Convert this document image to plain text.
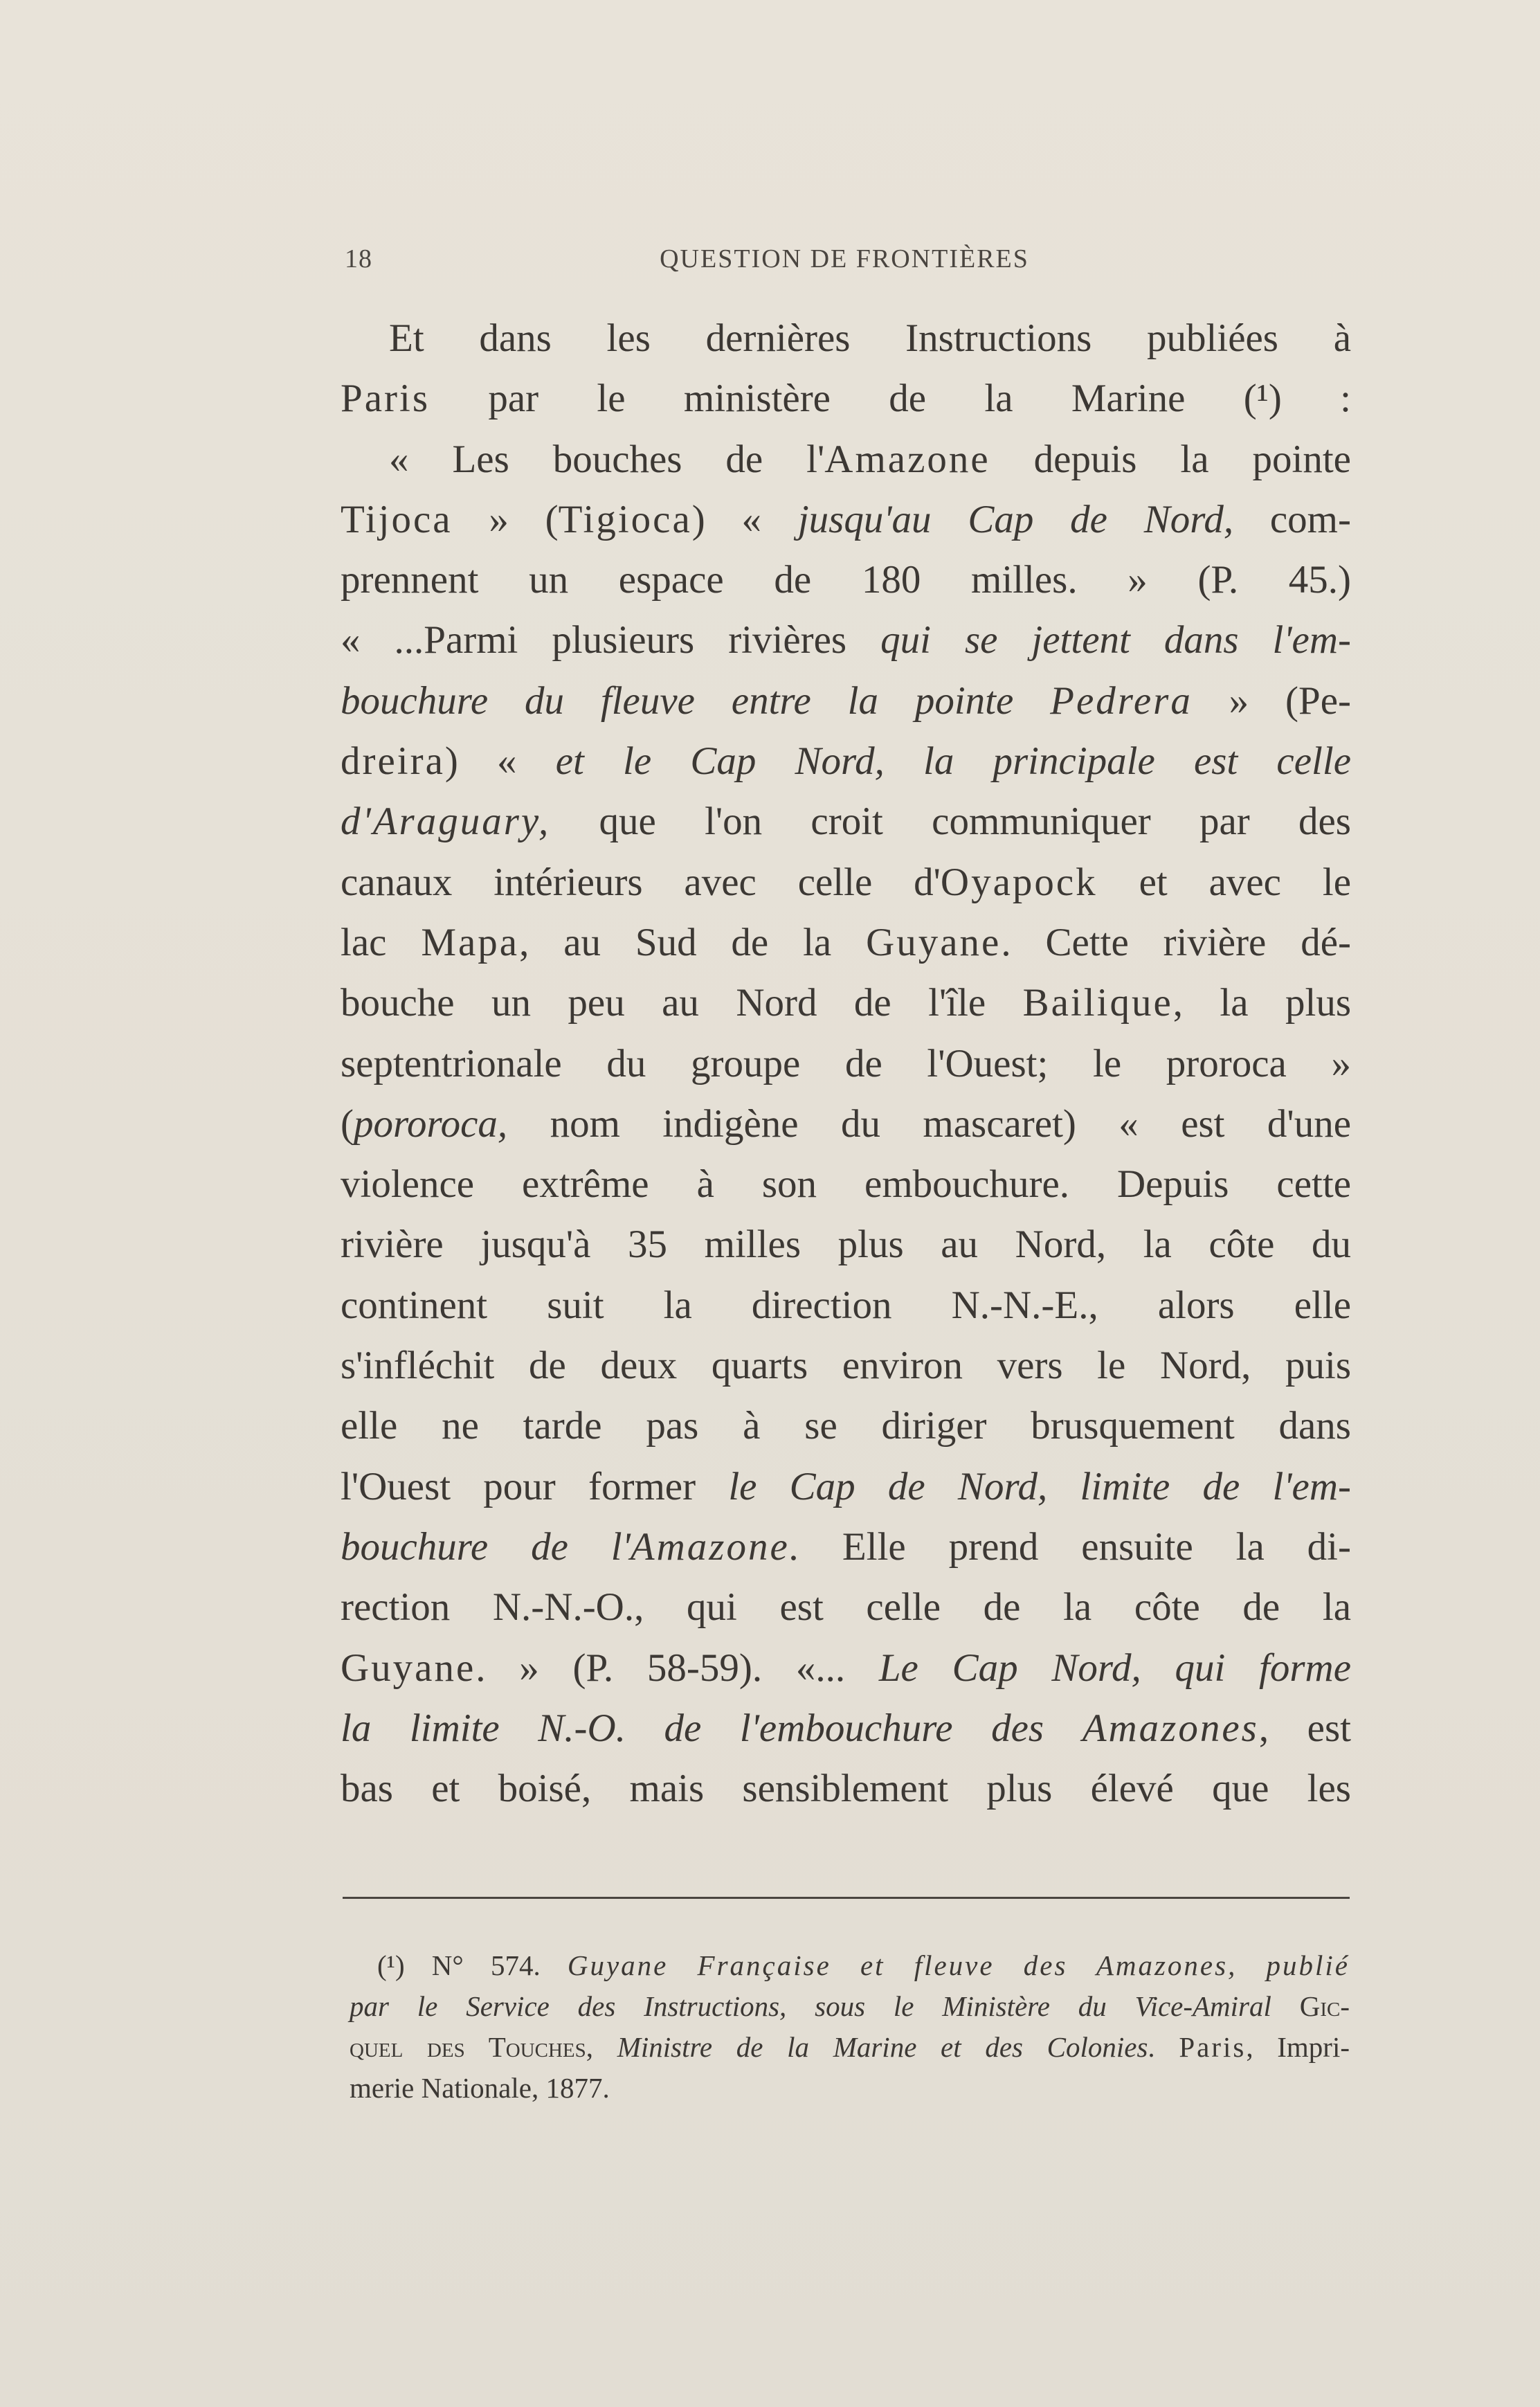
18	QUESTION DE FRONTIÈRES
Et dans les dernières Instructions publiées à
Paris par le ministère de la Marine (¹) :
« Les bouches de l'Amazone depuis la pointe
Tijoca » (Tigioca) « jusqu'au Cap de Nord, com-
prennent un espace de 180 milles. » (P. 45.)
« ...Parmi plusieurs rivières qui se jettent dans l'em-
bouchure du fleuve entre la pointe Pedrera » (Pe-
dreira) « et le Cap Nord, la principale est celle
d'Araguary, que l'on croit communiquer par des
canaux intérieurs avec celle d'Oyapock et avec le
lac Mapa, au Sud de la Guyane. Cette rivière dé-
bouche un peu au Nord de l'île Bailique, la plus
septentrionale du groupe de l'Ouest; le proroca »
(pororoca, nom indigène du mascaret) « est d'une
violence extrême à son embouchure. Depuis cette
rivière jusqu'à 35 milles plus au Nord, la côte du
continent suit la direction N.-N.-E., alors elle
s'infléchit de deux quarts environ vers le Nord, puis
elle ne tarde pas à se diriger brusquement dans
l'Ouest pour former le Cap de Nord, limite de l'em-
bouchure de l'Amazone. Elle prend ensuite la di-
rection N.-N.-O., qui est celle de la côte de la
Guyane. » (P. 58-59). «... Le Cap Nord, qui forme
la limite N.-O. de l'embouchure des Amazones, est
bas et boisé, mais sensiblement plus élevé que les
(¹) N° 574. Guyane Française et fleuve des Amazones, publié
par le Service des Instructions, sous le Ministère du Vice-Amiral Gic-
quel des Touches, Ministre de la Marine et des Colonies. Paris, Impri-
merie Nationale, 1877.
